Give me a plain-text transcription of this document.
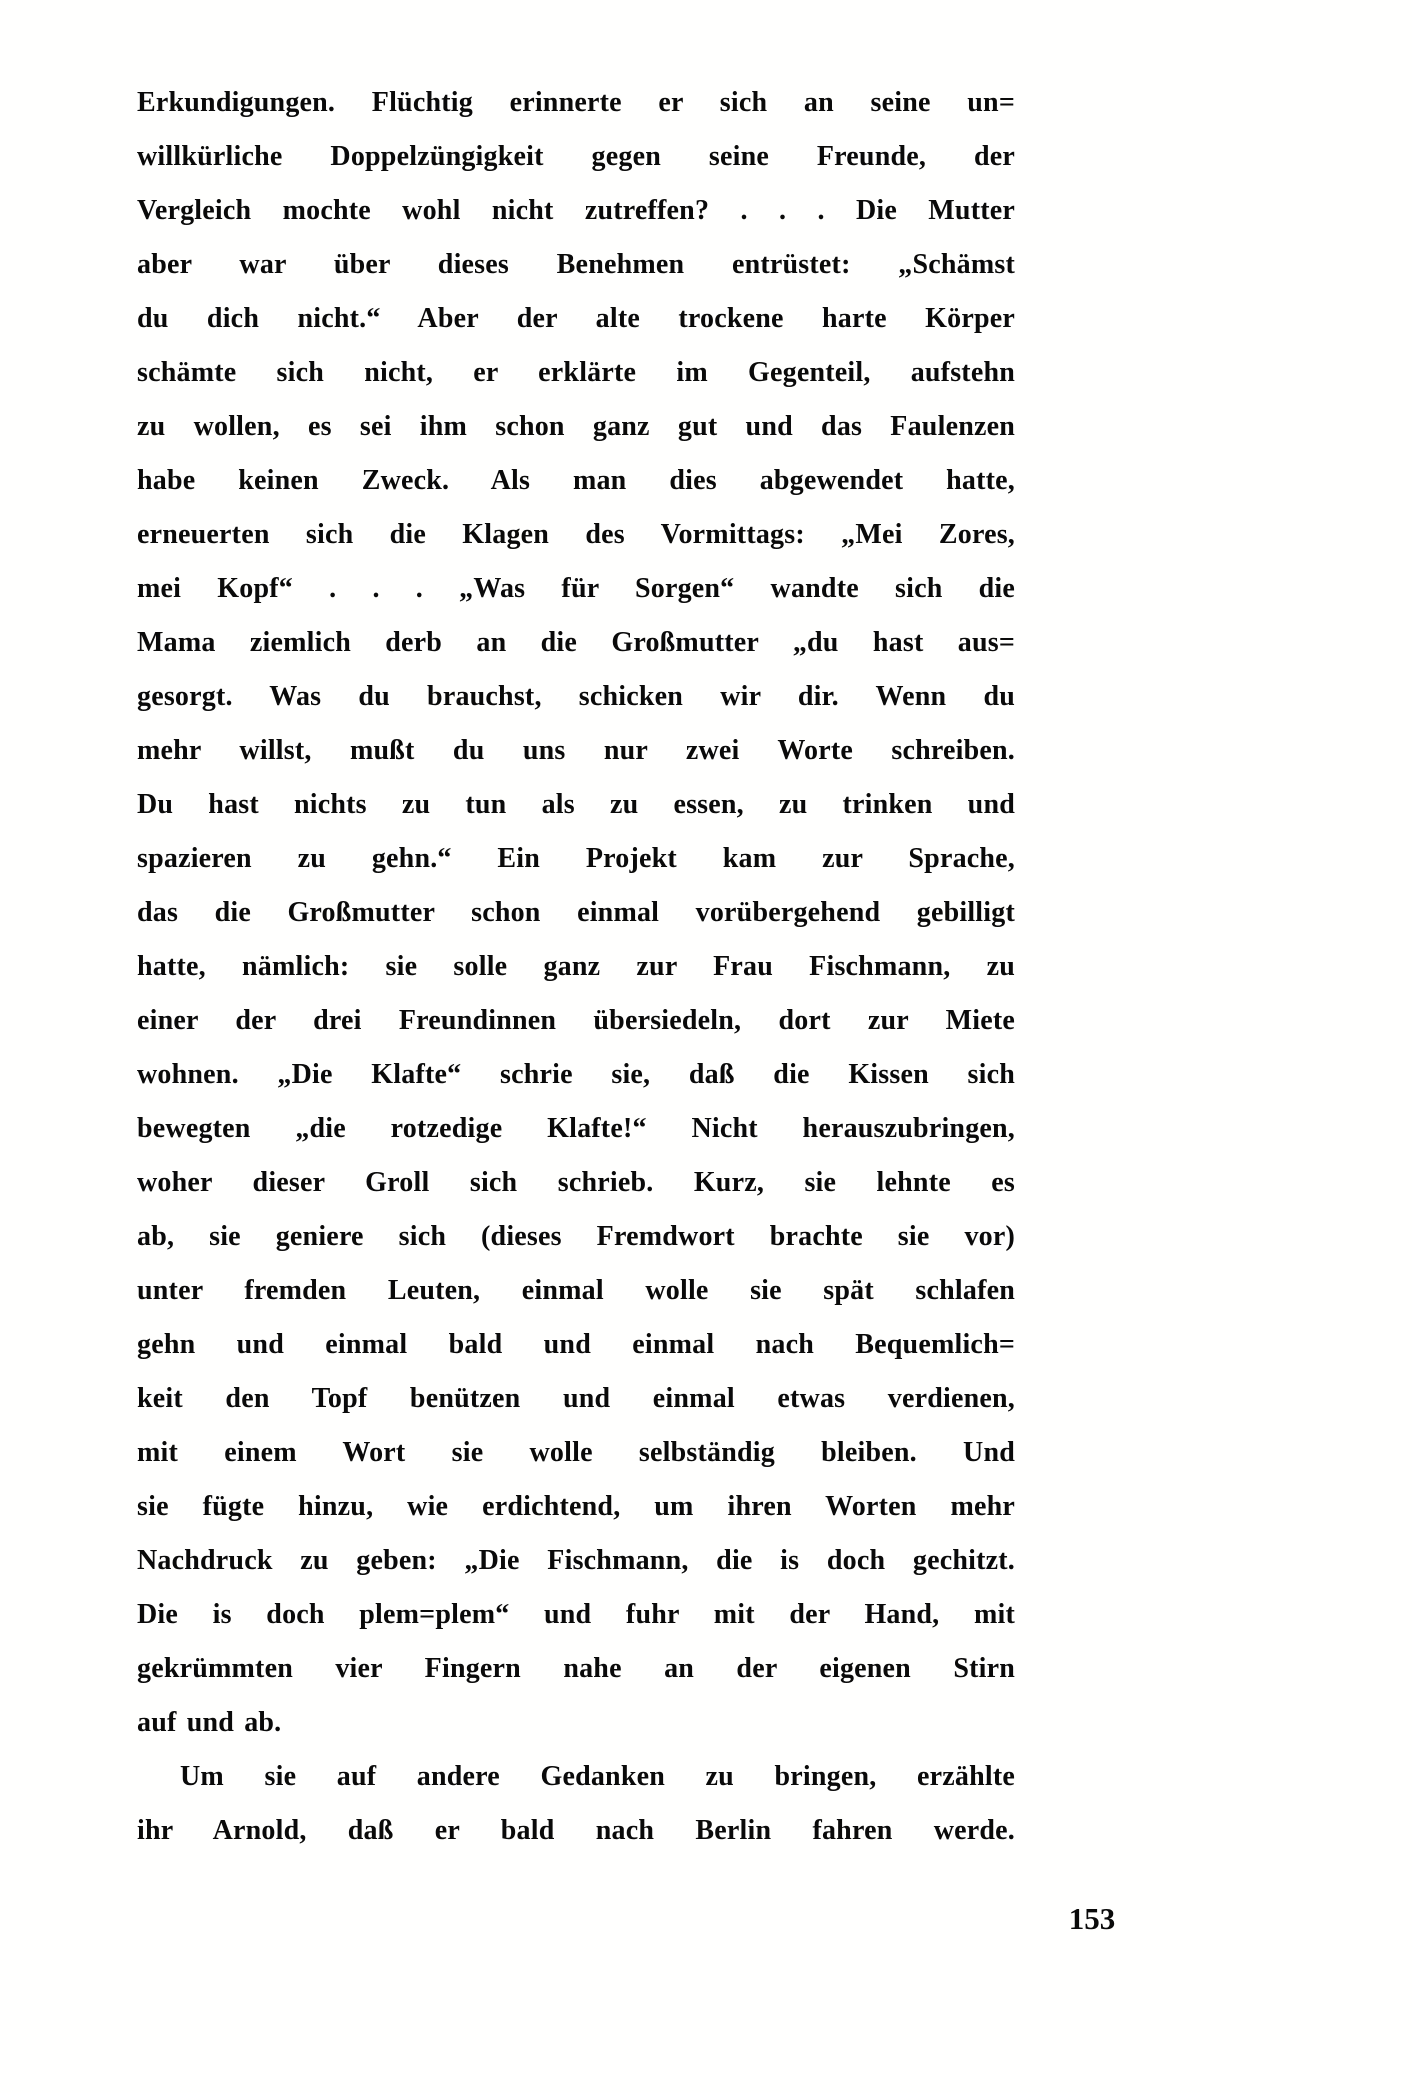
Erkundigungen. Flüchtig erinnerte er sich an seine un=
willkürliche Doppelzüngigkeit gegen seine Freunde, der
Vergleich mochte wohl nicht zutreffen? . . . Die Mutter
aber war über dieses Benehmen entrüstet: „Schämst
du dich nicht.“ Aber der alte trockene harte Körper
schämte sich nicht, er erklärte im Gegenteil, aufstehn
zu wollen, es sei ihm schon ganz gut und das Faulenzen
habe keinen Zweck. Als man dies abgewendet hatte,
erneuerten sich die Klagen des Vormittags: „Mei Zores,
mei Kopf“ . . . „Was für Sorgen“ wandte sich die
Mama ziemlich derb an die Großmutter „du hast aus=
gesorgt. Was du brauchst, schicken wir dir. Wenn du
mehr willst, mußt du uns nur zwei Worte schreiben.
Du hast nichts zu tun als zu essen, zu trinken und
spazieren zu gehn.“ Ein Projekt kam zur Sprache,
das die Großmutter schon einmal vorübergehend gebilligt
hatte, nämlich: sie solle ganz zur Frau Fischmann, zu
einer der drei Freundinnen übersiedeln, dort zur Miete
wohnen. „Die Klafte“ schrie sie, daß die Kissen sich
bewegten „die rotzedige Klafte!“ Nicht herauszubringen,
woher dieser Groll sich schrieb. Kurz, sie lehnte es
ab, sie geniere sich (dieses Fremdwort brachte sie vor)
unter fremden Leuten, einmal wolle sie spät schlafen
gehn und einmal bald und einmal nach Bequemlich=
keit den Topf benützen und einmal etwas verdienen,
mit einem Wort sie wolle selbständig bleiben. Und
sie fügte hinzu, wie erdichtend, um ihren Worten mehr
Nachdruck zu geben: „Die Fischmann, die is doch gechitzt.
Die is doch plem=plem“ und fuhr mit der Hand, mit
gekrümmten vier Fingern nahe an der eigenen Stirn
auf und ab.
Um sie auf andere Gedanken zu bringen, erzählte
ihr Arnold, daß er bald nach Berlin fahren werde.
153
